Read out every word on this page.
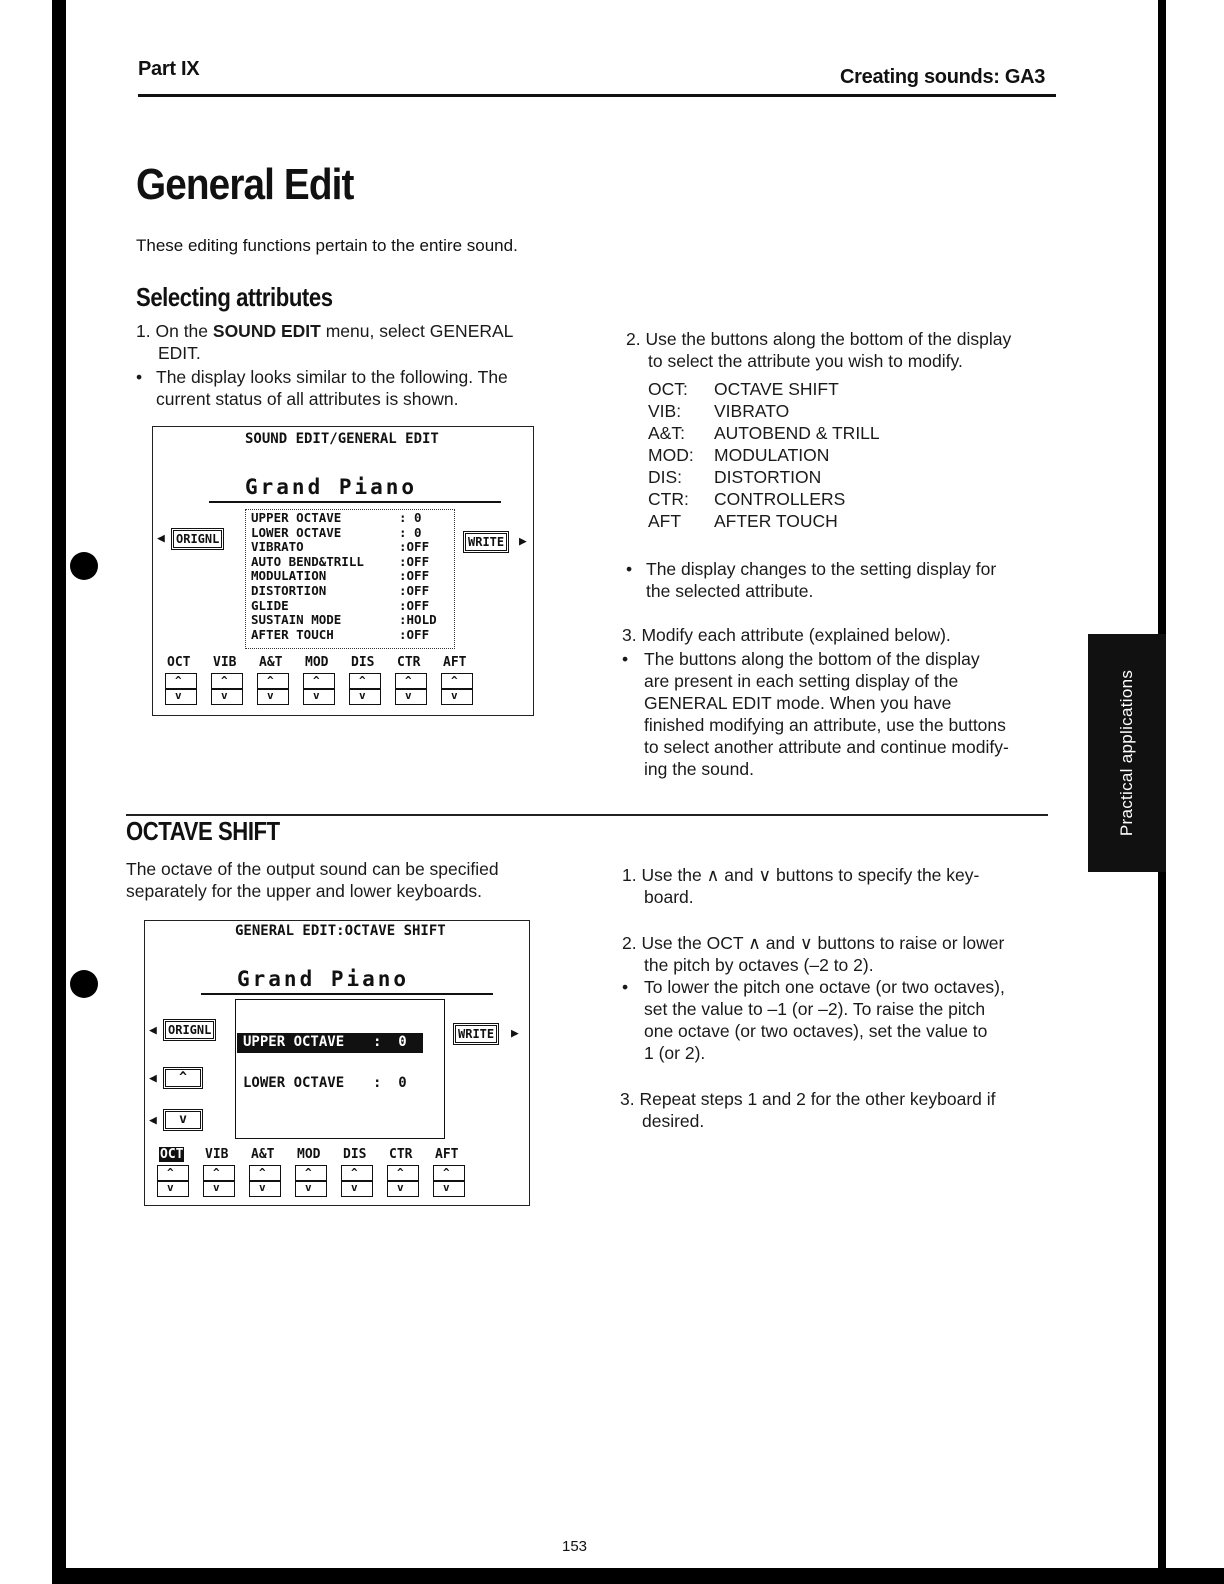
Part IX	Creating sounds: GA3
General Edit
These editing functions pertain to the entire sound.
Selecting attributes
1. On the SOUND EDIT menu, select GENERAL
EDIT.
• The display looks similar to the following. The
current status of all attributes is shown.
SOUND EDIT/GENERAL EDIT
Grand Piano
UPPER OCTAVE	: 0
LOWER OCTAVE	: 0
VIBRATO	:OFF
AUTO BEND&TRILL	:OFF
MODULATION	:OFF
DISTORTION	:OFF
GLIDE	:OFF
SUSTAIN MODE	:HOLD
AFTER TOUCH	:OFF
◀ ORIGNL	WRITE ▶
OCT
^
v
VIB
^
v
A&T
^
v
MOD
^
v
DIS
^
v
CTR
^
v
AFT
^
v
2. Use the buttons along the bottom of the display
to select the attribute you wish to modify.
OCT: OCTAVE SHIFT
VIB: VIBRATO
A&T: AUTOBEND & TRILL
MOD: MODULATION
DIS: DISTORTION
CTR: CONTROLLERS
AFT AFTER TOUCH
• The display changes to the setting display for
the selected attribute.
3. Modify each attribute (explained below).
• The buttons along the bottom of the display
are present in each setting display of the
GENERAL EDIT mode. When you have
finished modifying an attribute, use the buttons
to select another attribute and continue modify-
ing the sound.	Practical applications
OCTAVE SHIFT
The octave of the output sound can be specified
separately for the upper and lower keyboards.
GENERAL EDIT:OCTAVE SHIFT
Grand Piano
UPPER OCTAVE :  0
LOWER OCTAVE :  0
◀ ORIGNL	WRITE ▶
◀	^
◀	v
OCT
^
v
VIB
^
v
A&T
^
v
MOD
^
v
DIS
^
v
CTR
^
v
AFT
^
v
1. Use the ∧ and ∨ buttons to specify the key-
board.
2. Use the OCT ∧ and ∨ buttons to raise or lower
the pitch by octaves (–2 to 2).
• To lower the pitch one octave (or two octaves),
set the value to –1 (or –2). To raise the pitch
one octave (or two octaves), set the value to
1 (or 2).
3. Repeat steps 1 and 2 for the other keyboard if
desired.
153
